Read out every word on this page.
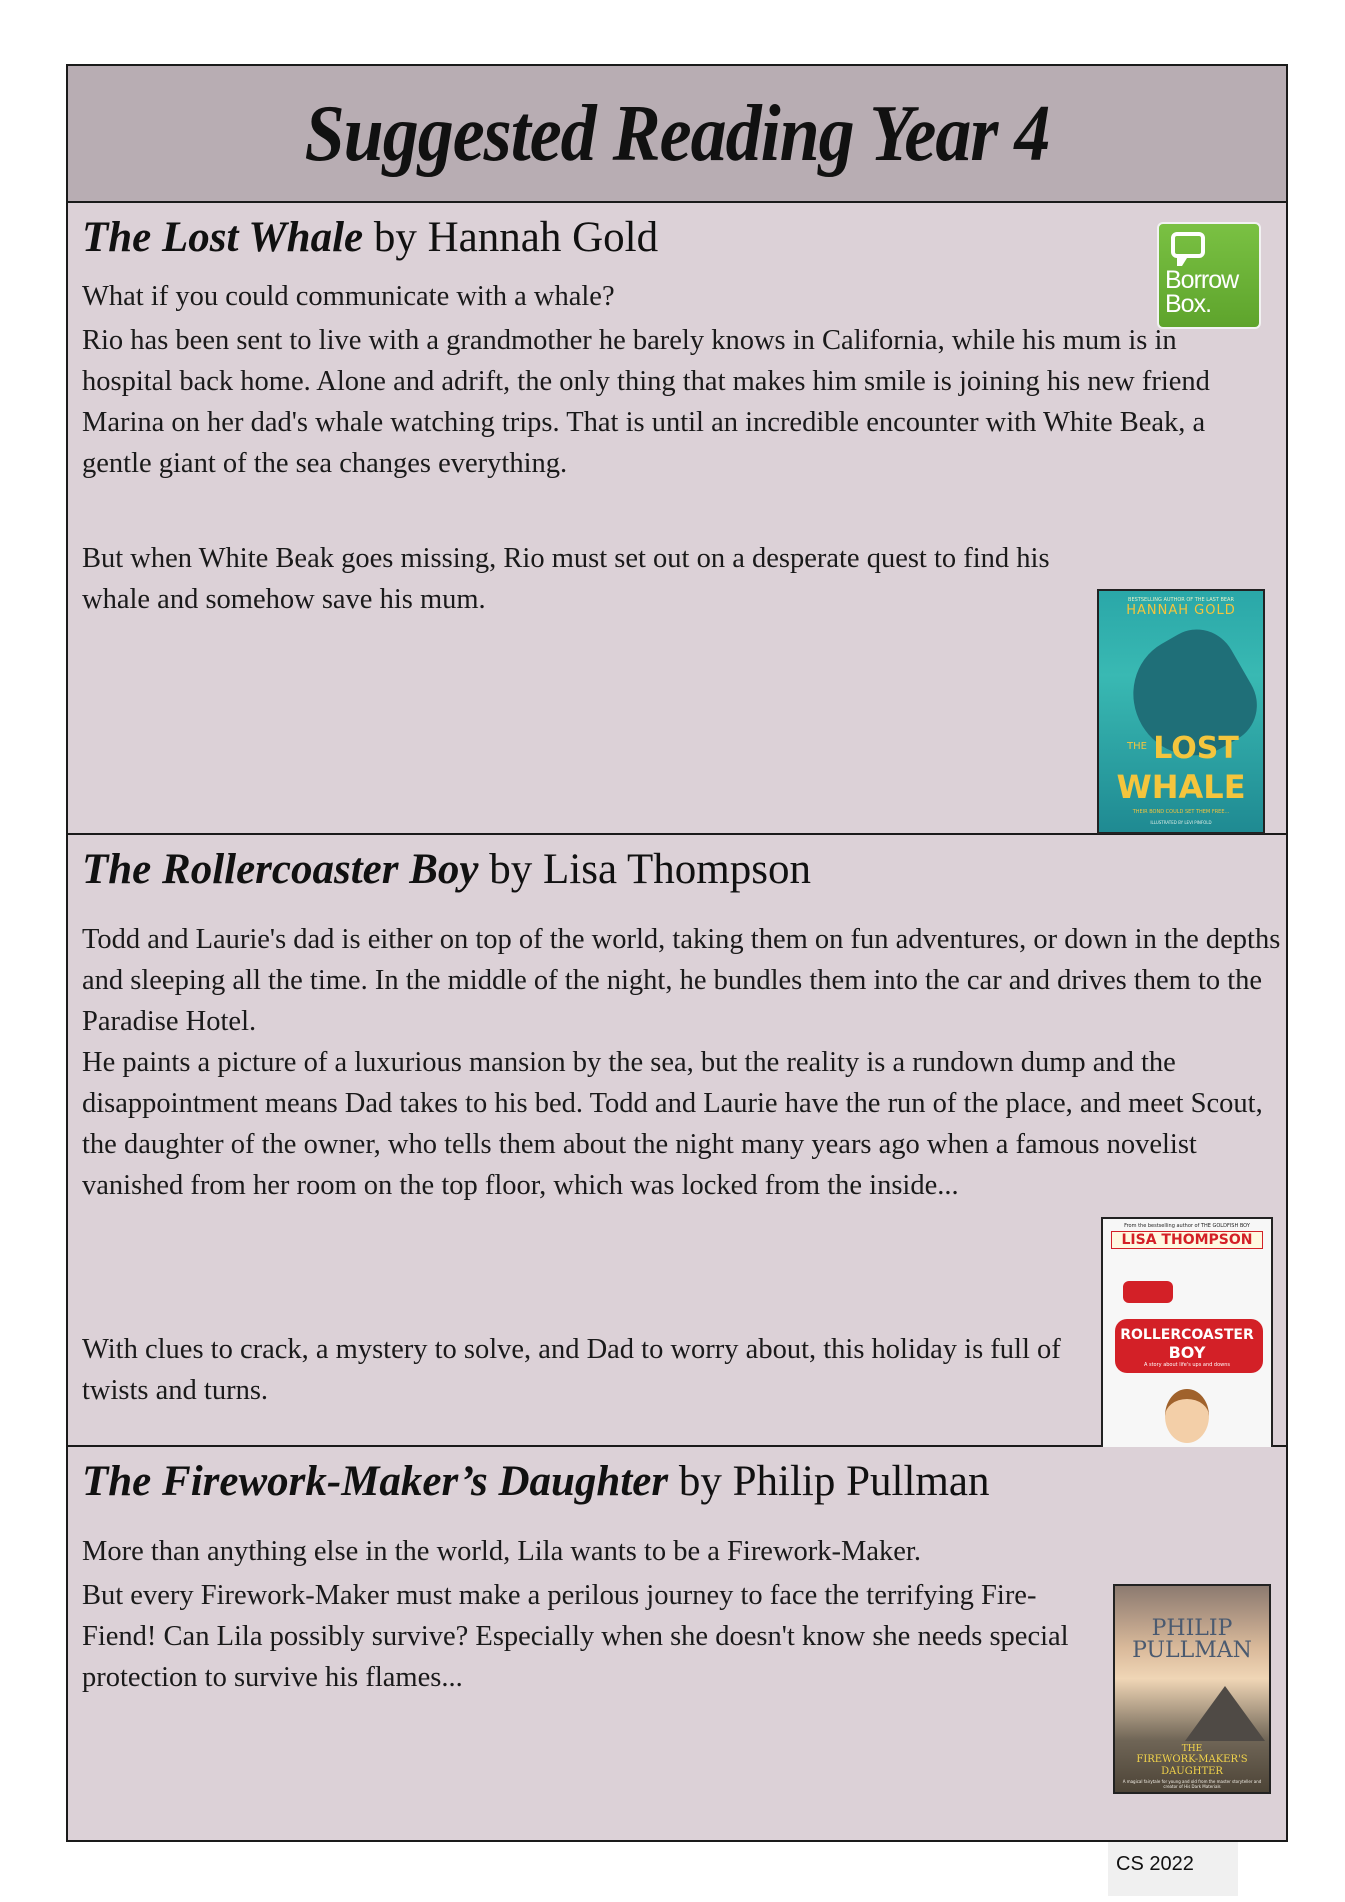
Suggested Reading Year 4
The Lost Whale by Hannah Gold
Borrow
Box.

What if you could communicate with a whale?

Rio has been sent to live with a grandmother he barely knows in California, while his mum is in hospital back home. Alone and adrift, the only thing that makes him smile is joining his new friend Marina on her dad's whale watching trips. That is until an incredible encounter with White Beak, a gentle giant of the sea changes everything.

But when White Beak goes missing, Rio must set out on a desperate quest to find his whale and somehow save his mum.	BESTSELLING AUTHOR OF THE LAST BEAR
HANNAH GOLD
THE LOST
WHALE
THEIR BOND COULD SET THEM FREE...
ILLUSTRATED BY LEVI PINFOLD
The Rollercoaster Boy by Lisa Thompson

Todd and Laurie's dad is either on top of the world, taking them on fun adventures, or down in the depths and sleeping all the time. In the middle of the night, he bundles them into the car and drives them to the Paradise Hotel.

He paints a picture of a luxurious mansion by the sea, but the reality is a rundown dump and the disappointment means Dad takes to his bed. Todd and Laurie have the run of the place, and meet Scout, the daughter of the owner, who tells them about the night many years ago when a famous novelist vanished from her room on the top floor, which was locked from the inside...

With clues to crack, a mystery to solve, and Dad to worry about, this holiday is full of twists and turns.

From the bestselling author of THE GOLDFISH BOY
LISA THOMPSON
ROLLERCOASTER
BOY
A story about life's ups and downs
The Firework-Maker’s Daughter by Philip Pullman

More than anything else in the world, Lila wants to be a Firework-Maker.

But every Firework-Maker must make a perilous journey to face the terrifying Fire-Fiend! Can Lila possibly survive? Especially when she doesn't know she needs special protection to survive his flames...

PHILIP
PULLMAN
THE
FIREWORK-MAKER'S
DAUGHTER
A magical fairytale for young and old from the master storyteller and creator of His Dark Materials
CS 2022
